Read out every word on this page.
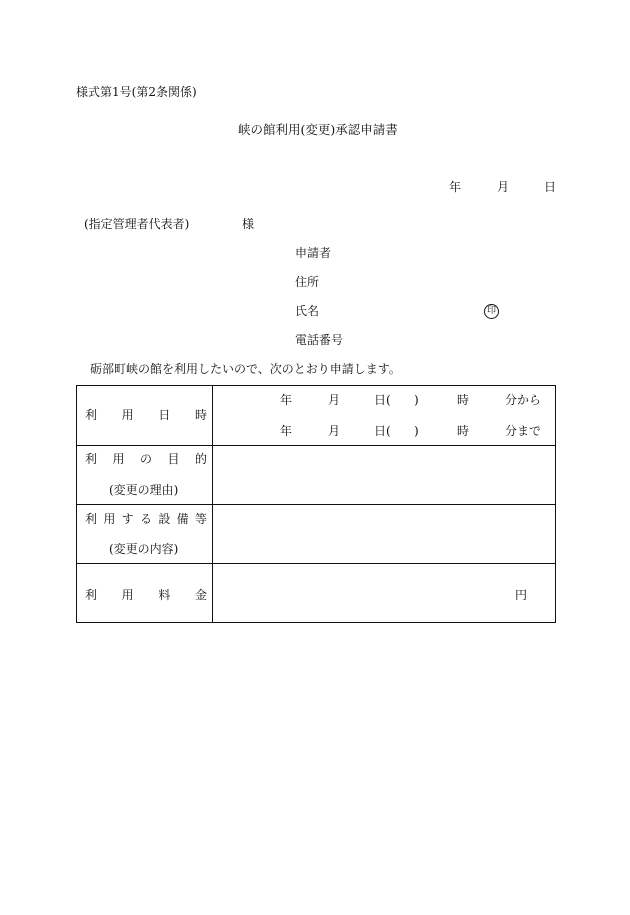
様式第1号(第2条関係)
峡の館利用(変更)承認申請書
年	月	日
(指定管理者代表者)	様
申請者
住所
氏名	印
電話番号
砺部町峡の館を利用したいので、次のとおり申請します。
利 用 日 時
年	月	日( )	時	分から
年	月	日( )	時	分まで
利 用 の 目 的
(変更の理由)
利 用 す る 設 備 等
(変更の内容)
利 用 料 金	円
